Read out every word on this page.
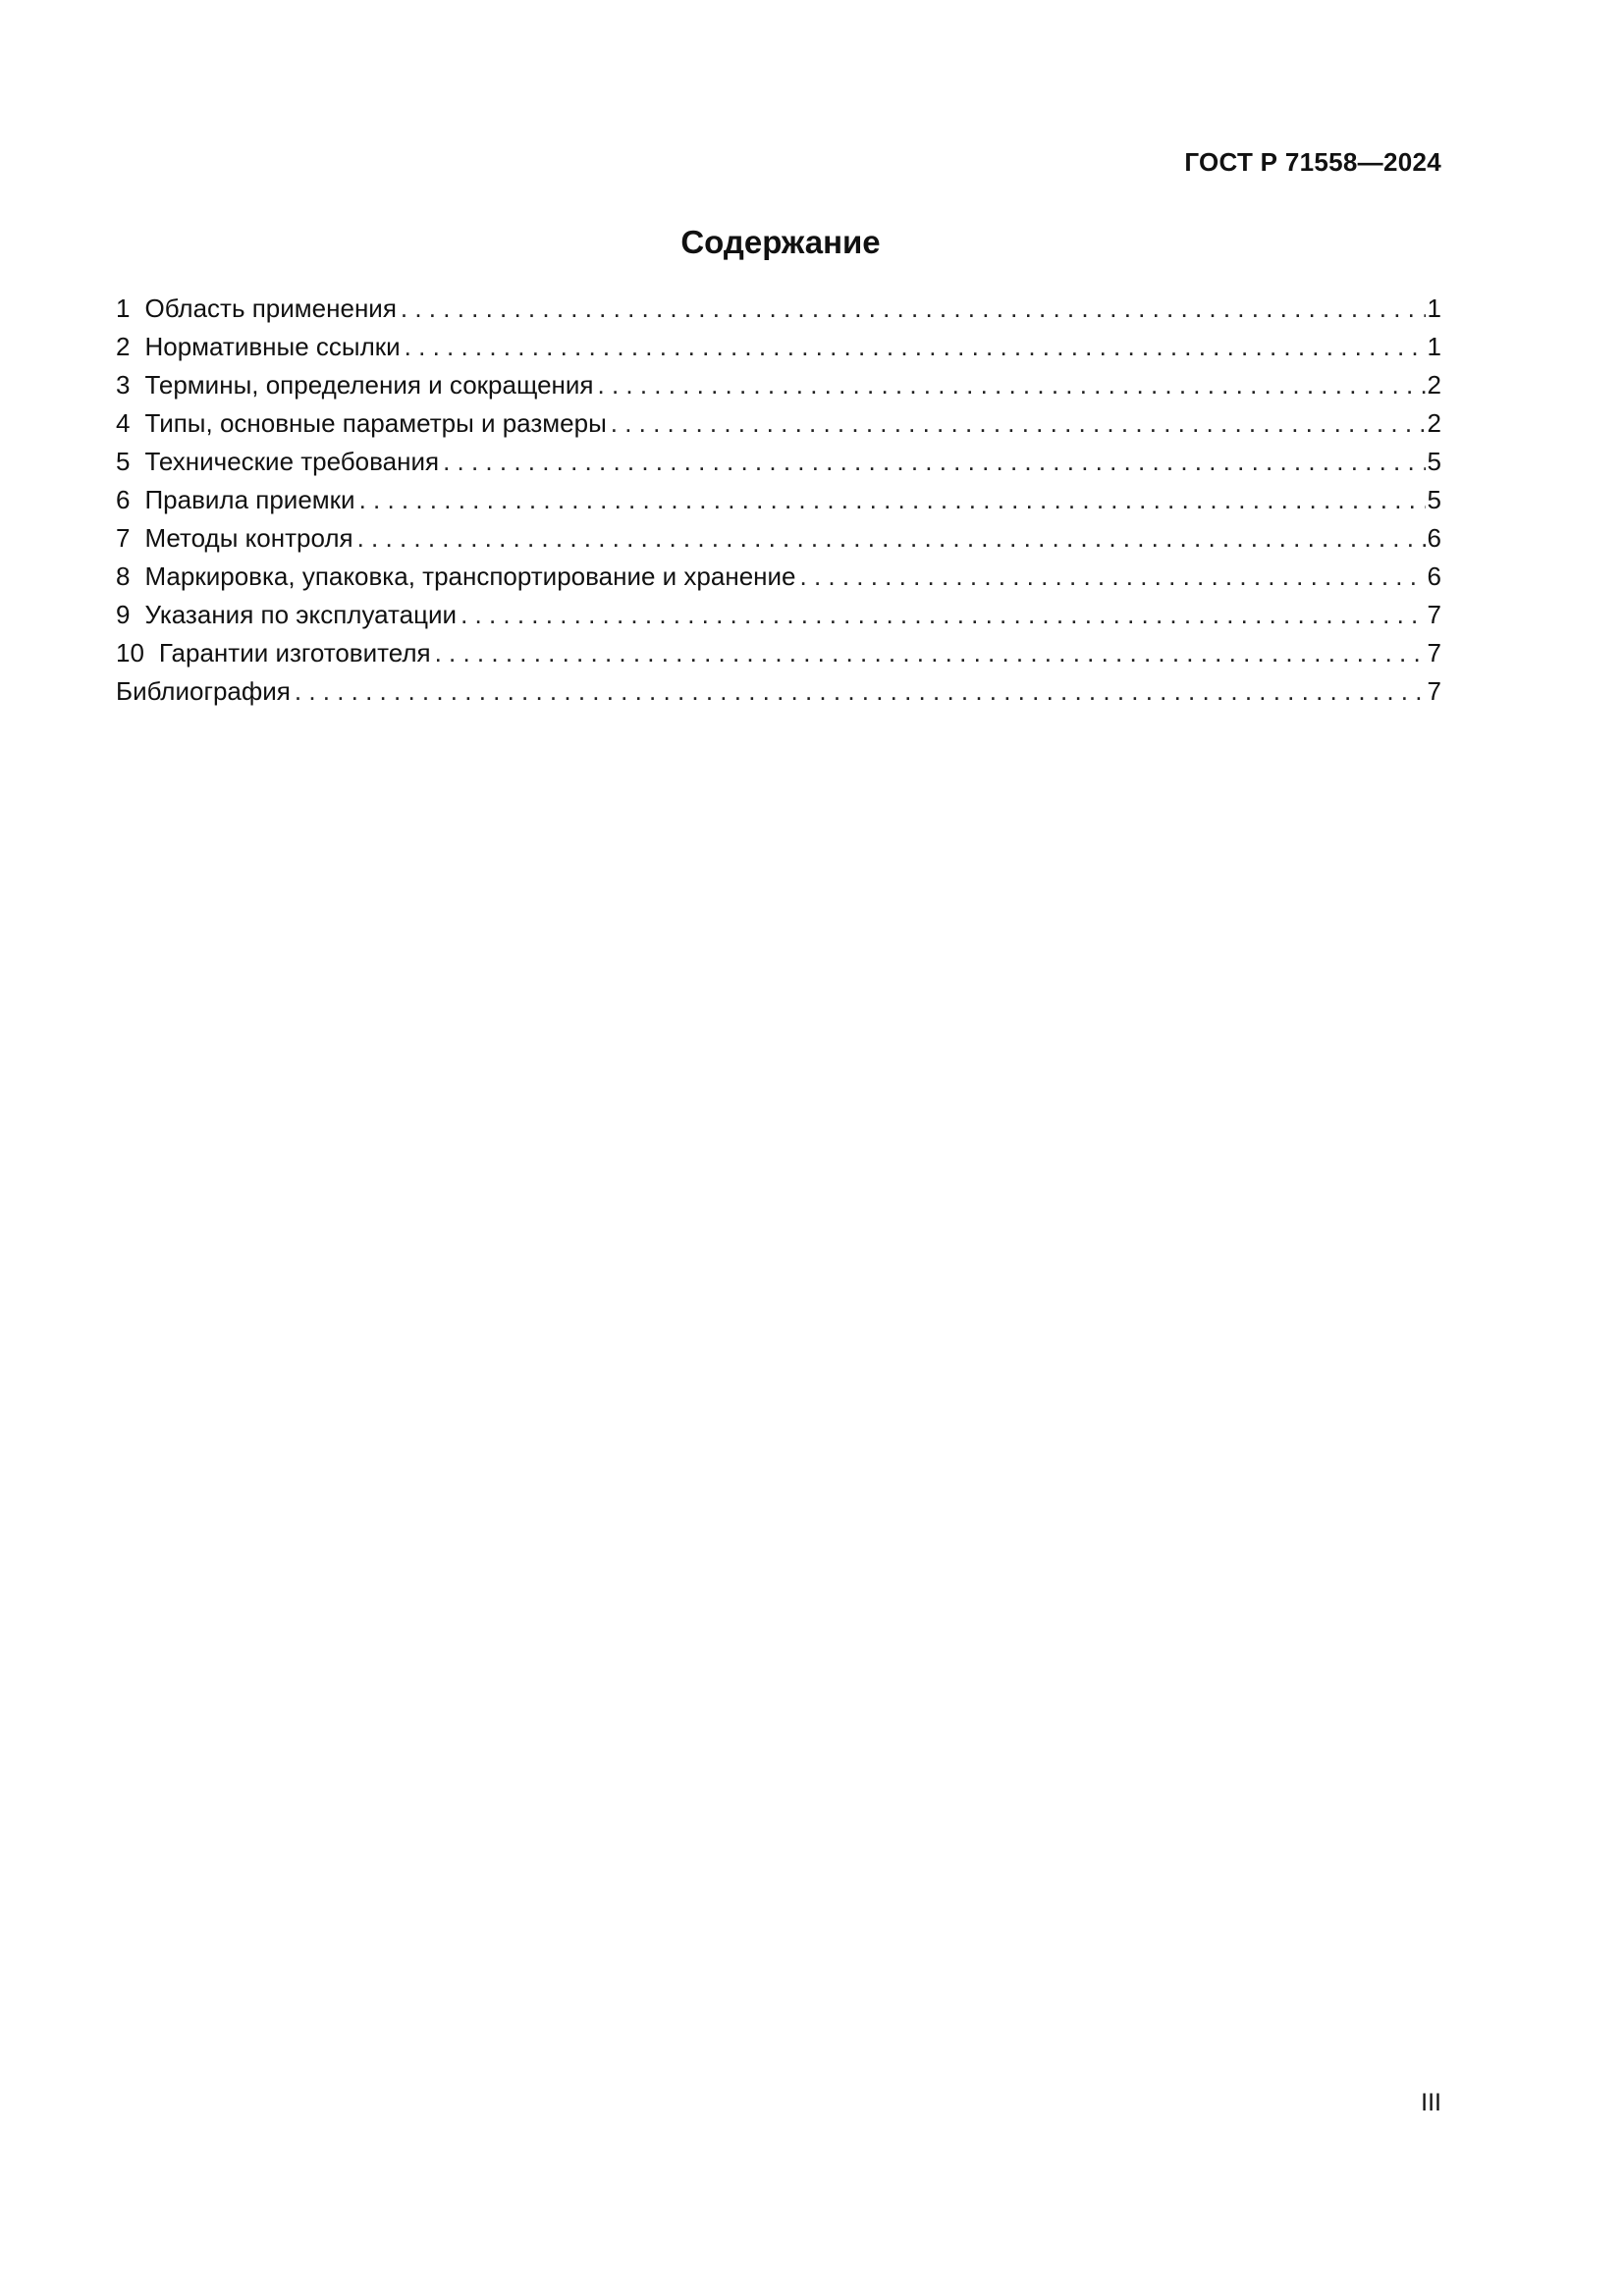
ГОСТ Р 71558—2024
Содержание
1 Область применения . . .	1
2 Нормативные ссылки . . .	1
3 Термины, определения и сокращения . . .	2
4 Типы, основные параметры и размеры . . .	2
5 Технические требования . . .	5
6 Правила приемки . . .	5
7 Методы контроля . . .	6
8 Маркировка, упаковка, транспортирование и хранение . . .	6
9 Указания по эксплуатации . . .	7
10 Гарантии изготовителя . . .	7
Библиография . . .	7
III
